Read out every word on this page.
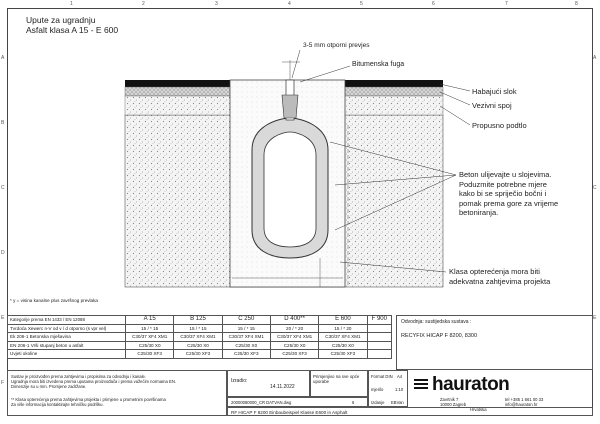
1	2	3	4	5	6	7	8
A
B
C
D
E
F
A
C
E
Upute za ugradnju
Asfalt klasa A 15 - E 600
3-5 mm otporni prevjes
Bitumenska fuga
Habajući slok
Vezivni spoj
Propusno podtlo
Beton ulijevajte u slojevima.
Poduzmite potrebne mjere
kako bi se spriječio bočni i
pomak prema gore za vrijeme
betoniranja.
Klasa opterećenja mora biti
adekvatna zahtjevima projekta
* y = visina kanalne plus završnog prevlaka
Kategorije prema EN 1433 / EN 12088	A 15	B 125	C 250	D 400**	E 600	F 900
Tvrdoća Xewerc n-V od v / d otporno (s vpr vel)	15 / * 15	15 / * 15	15 / * 15	20 / * 20	15 / * 20	
Ek 206-1 Betonska mješavina	C30/37 XF4 XM1	C30/37 XF4 XM1	C30/37 XF4 XM1	C30/37 XF4 XM1	C30/37 XF4 XM1	
EN 206-1 Vrši stupanj beton u asfalt	C25/30 X0	C25/30 X0	C25/30 X0	C25/30 X0	C25/30 X0	
Uvjeti okoline	C25/30 XF3	C25/30 XF3	C25/30 XF3	C25/30 XF3	C25/30 XF3	
Odvodnja: sustijedska sustava :
RECYFIX HICAP F 8200, 8300
Sustav je proizvođen prema zahtjevima i propisima za odvodnju i kanale.
Ugradnja mora biti izvedena prema uputama proizvođača i prema važećim normama EN.
Dimenzije su u mm. Promjene zadržane.
** Klasa opterećenja prema zahtjevima projekta i primjene u prometnim površinama
Za više informacija kontaktirajte tehničku podršku.
Izradio:
14.11.2022
Primjenjivo na sve opće uporabe
20000080000_CR DATVAN.dwg	6
RF HICAP F 8200 Einbaubeispiel Klasse E600 in Asphalt
Format DIN A4
mjerilo	1:10
Izdanje EBVan
hauraton
Zavrtnik 7
10000 Zagreb
Hrvatska
tel +385 1 661 00 33
info@hauraton.hr
